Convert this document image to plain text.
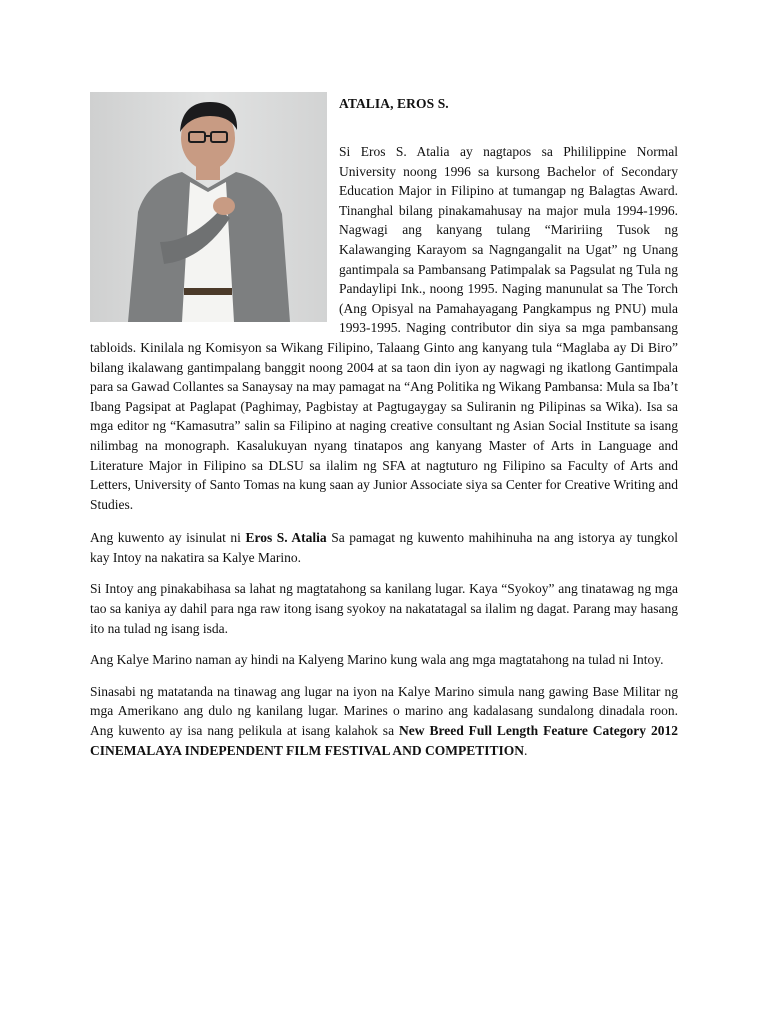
ATALIA, EROS S.

Si Eros S. Atalia ay nagtapos sa Phililippine Normal University noong 1996 sa kursong Bachelor of Secondary Education Major in Filipino at tumangap ng Balagtas Award. Tinanghal bilang pinakamahusay na major mula 1994-1996. Nagwagi ang kanyang tulang “Maririing Tusok ng Kalawanging Karayom sa Nagngangalit na Ugat” ng Unang gantimpala sa Pambansang Patimpalak sa Pagsulat ng Tula ng Pandaylipi Ink., noong 1995. Naging manunulat sa The Torch (Ang Opisyal na Pamahayagang Pangkampus ng PNU) mula 1993-1995. Naging contributor din siya sa mga pambansang tabloids. Kinilala ng Komisyon sa Wikang Filipino, Talaang Ginto ang kanyang tula “Maglaba ay Di Biro” bilang ikalawang gantimpalang banggit noong 2004 at sa taon din iyon ay nagwagi ng ikatlong Gantimpala para sa Gawad Collantes sa Sanaysay na may pamagat na “Ang Politika ng Wikang Pambansa: Mula sa Iba’t Ibang Pagsipat at Paglapat (Paghimay, Pagbistay at Pagtugaygay sa Suliranin ng Pilipinas sa Wika). Isa sa mga editor ng “Kamasutra” salin sa Filipino at naging creative consultant ng Asian Social Institute sa isang nilimbag na monograph. Kasalukuyan nyang tinatapos ang kanyang Master of Arts in Language and Literature Major in Filipino sa DLSU sa ilalim ng SFA at nagtuturo ng Filipino sa Faculty of Arts and Letters, University of Santo Tomas na kung saan ay Junior Associate siya sa Center for Creative Writing and Studies.

Ang kuwento ay isinulat ni Eros S. Atalia Sa pamagat ng kuwento mahihinuha na ang istorya ay tungkol kay Intoy na nakatira sa Kalye Marino.

Si Intoy ang pinakabihasa sa lahat ng magtatahong sa kanilang lugar. Kaya “Syokoy” ang tinatawag ng mga tao sa kaniya ay dahil para nga raw itong isang syokoy na nakatatagal sa ilalim ng dagat. Parang may hasang ito na tulad ng isang isda.

Ang Kalye Marino naman ay hindi na Kalyeng Marino kung wala ang mga magtatahong na tulad ni Intoy.

Sinasabi ng matatanda na tinawag ang lugar na iyon na Kalye Marino simula nang gawing Base Militar ng mga Amerikano ang dulo ng kanilang lugar. Marines o marino ang kadalasang sundalong dinadala roon. Ang kuwento ay isa nang pelikula at isang kalahok sa New Breed Full Length Feature Category 2012 CINEMALAYA INDEPENDENT FILM FESTIVAL AND COMPETITION.
